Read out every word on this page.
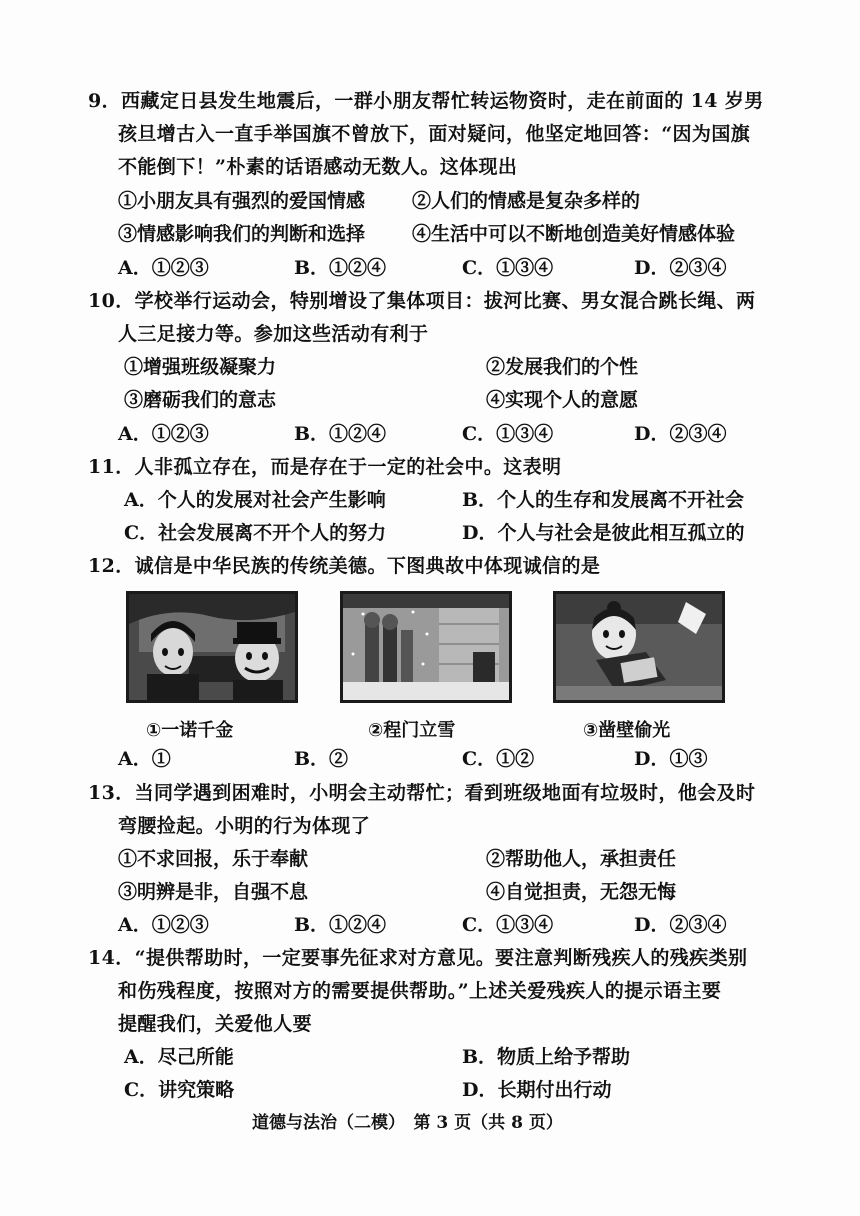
9．西藏定日县发生地震后，一群小朋友帮忙转运物资时，走在前面的 14 岁男
孩旦增古入一直手举国旗不曾放下，面对疑问，他坚定地回答：“因为国旗
不能倒下！”朴素的话语感动无数人。这体现出
①小朋友具有强烈的爱国情感 ②人们的情感是复杂多样的
③情感影响我们的判断和选择 ④生活中可以不断地创造美好情感体验
A．①②③	B．①②④	C．①③④	D．②③④
10．学校举行运动会，特别增设了集体项目：拔河比赛、男女混合跳长绳、两
人三足接力等。参加这些活动有利于
①增强班级凝聚力	②发展我们的个性
③磨砺我们的意志	④实现个人的意愿
A．①②③	B．①②④	C．①③④	D．②③④
11．人非孤立存在，而是存在于一定的社会中。这表明
A．个人的发展对社会产生影响	B．个人的生存和发展离不开社会
C．社会发展离不开个人的努力	D．个人与社会是彼此相互孤立的
12．诚信是中华民族的传统美德。下图典故中体现诚信的是
①一诺千金	②程门立雪	③凿壁偷光
A．①	B．②	C．①②	D．①③
13．当同学遇到困难时，小明会主动帮忙；看到班级地面有垃圾时，他会及时
弯腰捡起。小明的行为体现了
①不求回报，乐于奉献	②帮助他人，承担责任
③明辨是非，自强不息	④自觉担责，无怨无悔
A．①②③	B．①②④	C．①③④	D．②③④
14．“提供帮助时，一定要事先征求对方意见。要注意判断残疾人的残疾类别
和伤残程度，按照对方的需要提供帮助。”上述关爱残疾人的提示语主要
提醒我们，关爱他人要
A．尽己所能	B．物质上给予帮助
C．讲究策略	D．长期付出行动
道德与法治（二模）　第 3 页（共 8 页）
